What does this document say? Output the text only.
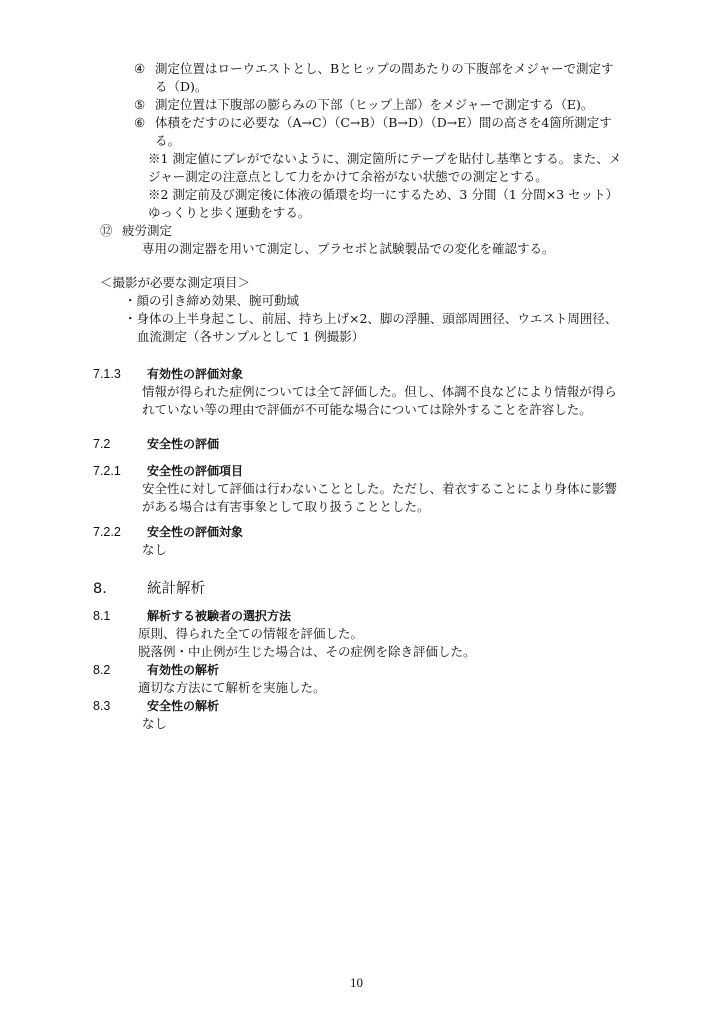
④ 測定位置はローウエストとし、Bとヒップの間あたりの下腹部をメジャーで測定す
る（D)。
⑤ 測定位置は下腹部の膨らみの下部（ヒップ上部）をメジャーで測定する（E)。
⑥ 体積をだすのに必要な（A→C）（C→B）（B→D）（D→E）間の高さを4箇所測定す
る。
※1 測定値にブレがでないように、測定箇所にテープを貼付し基準とする。また、メ
ジャー測定の注意点として力をかけて余裕がない状態での測定とする。
※2 測定前及び測定後に体液の循環を均一にするため、3 分間（1 分間×3 セット）
ゆっくりと歩く運動をする。
⑫ 疲労測定
専用の測定器を用いて測定し、プラセボと試験製品での変化を確認する。
＜撮影が必要な測定項目＞
・顔の引き締め効果、腕可動域
・身体の上半身起こし、前屈、持ち上げ×2、脚の浮腫、頭部周囲径、ウエスト周囲径、
血流測定（各サンプルとして 1 例撮影）
7.1.3 有効性の評価対象
情報が得られた症例については全て評価した。但し、体調不良などにより情報が得ら
れていない等の理由で評価が不可能な場合については除外することを許容した。
7.2	安全性の評価
7.2.1 安全性の評価項目
安全性に対して評価は行わないこととした。ただし、着衣することにより身体に影響
がある場合は有害事象として取り扱うこととした。
7.2.2 安全性の評価対象
なし
8.	統計解析
8.1	解析する被験者の選択方法
原則、得られた全ての情報を評価した。
脱落例・中止例が生じた場合は、その症例を除き評価した。
8.2	有効性の解析
適切な方法にて解析を実施した。
8.3	安全性の解析
なし
10
